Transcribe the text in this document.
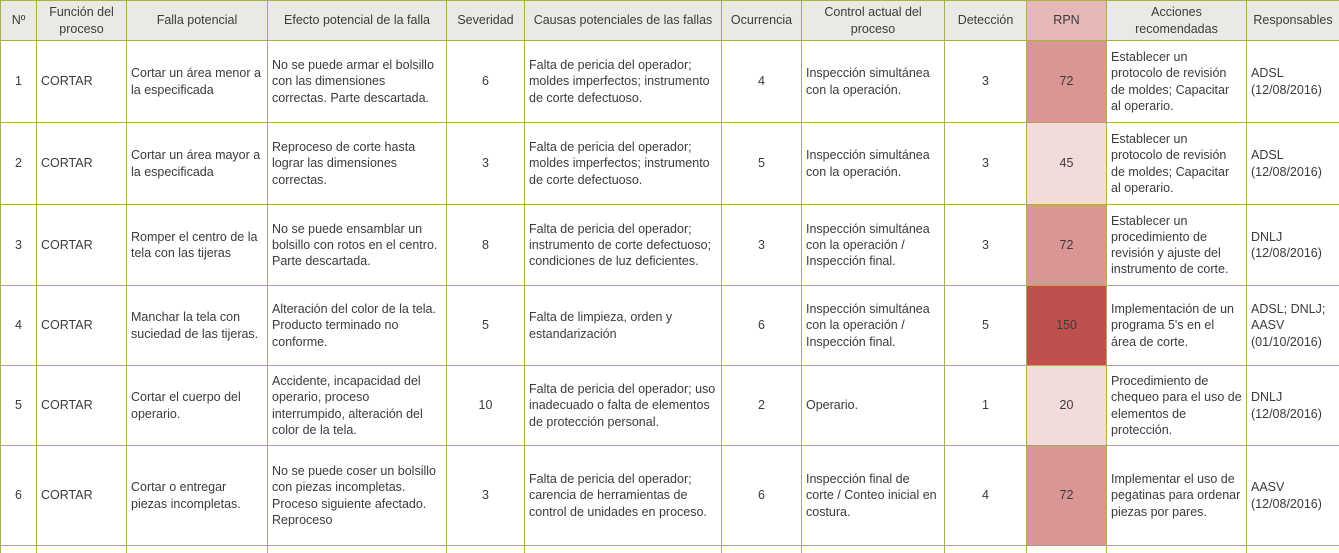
Nº	Función del proceso	Falla potencial	Efecto potencial de la falla	Severidad	Causas potenciales de las fallas	Ocurrencia	Control actual del proceso	Detección	RPN	Acciones recomendadas	Responsables
1	CORTAR	Cortar un área menor a la especificada	No se puede armar el bolsillo con las dimensiones correctas. Parte descartada.	6	Falta de pericia del operador; moldes imperfectos; instrumento de corte defectuoso.	4	Inspección simultánea con la operación.	3	72	Establecer un protocolo de revisión de moldes; Capacitar al operario.	ADSL (12/08/2016)
2	CORTAR	Cortar un área mayor a la especificada	Reproceso de corte hasta lograr las dimensiones correctas.	3	Falta de pericia del operador; moldes imperfectos; instrumento de corte defectuoso.	5	Inspección simultánea con la operación.	3	45	Establecer un protocolo de revisión de moldes; Capacitar al operario.	ADSL (12/08/2016)
3	CORTAR	Romper el centro de la tela con las tijeras	No se puede ensamblar un bolsillo con rotos en el centro. Parte descartada.	8	Falta de pericia del operador; instrumento de corte defectuoso; condiciones de luz deficientes.	3	Inspección simultánea con la operación / Inspección final.	3	72	Establecer un procedimiento de revisión y ajuste del instrumento de corte.	DNLJ (12/08/2016)
4	CORTAR	Manchar la tela con suciedad de las tijeras.	Alteración del color de la tela. Producto terminado no conforme.	5	Falta de limpieza, orden y estandarización	6	Inspección simultánea con la operación / Inspección final.	5	150	Implementación de un programa 5's en el área de corte.	ADSL; DNLJ; AASV (01/10/2016)
5	CORTAR	Cortar el cuerpo del operario.	Accidente, incapacidad del operario, proceso interrumpido, alteración del color de la tela.	10	Falta de pericia del operador; uso inadecuado o falta de elementos de protección personal.	2	Operario.	1	20	Procedimiento de chequeo para el uso de elementos de protección.	DNLJ (12/08/2016)
6	CORTAR	Cortar o entregar piezas incompletas.	No se puede coser un bolsillo con piezas incompletas. Proceso siguiente afectado. Reproceso	3	Falta de pericia del operador; carencia de herramientas de control de unidades en proceso.	6	Inspección final de corte / Conteo inicial en costura.	4	72	Implementar el uso de pegatinas para ordenar piezas por pares.	AASV (12/08/2016)
